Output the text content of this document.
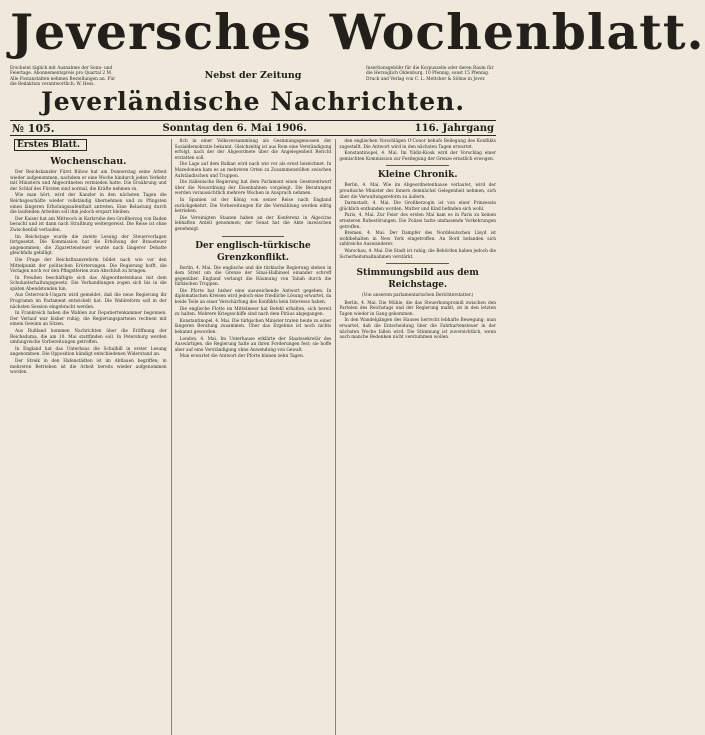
Jeversches Wochenblatt.
Erscheint täglich mit Ausnahme der Sonn- und Feiertage. Abonnementspreis pro Quartal 2 M. Alle Postanstalten nehmen Bestellungen an. Für die Redaktion verantwortlich: W. Hess.
Nebst der Zeitung
Insertionsgebühr für die Korpuszeile oder deren Raum für die Herzoglich Oldenburg. 10 Pfennig, sonst 15 Pfennig. Druck und Verlag von C. L. Mettcker & Söhne in Jever.
Jeverländische Nachrichten.
№ 105.	Sonntag den 6. Mai 1906.	116. Jahrgang
Erstes Blatt.
Wochenschau.

Der Reichskanzler Fürst Bülow hat am Donnerstag seine Arbeit wieder aufgenommen, nachdem er eine Woche hindurch jeden Verkehr mit Ministern und Abgeordneten vermieden hatte. Die Ernährung und der Schlaf des Fürsten sind normal, die Kräfte nehmen zu.

Wie man hört, wird der Kanzler in den nächsten Tagen die Reichsgeschäfte wieder vollständig übernehmen und zu Pfingsten einen längeren Erholungsaufenthalt antreten. Eine Belastung durch die laufenden Arbeiten soll ihm jedoch erspart bleiben.

Der Kaiser hat am Mittwoch in Karlsruhe den Großherzog von Baden besucht und ist dann nach Straßburg weitergereist. Die Reise ist ohne Zwischenfall verlaufen.

Im Reichstage wurde die zweite Lesung der Steuervorlagen fortgesetzt. Die Kommission hat die Erhöhung der Brausteuer angenommen; die Zigarettensteuer wurde nach längerer Debatte gleichfalls gebilligt.

Die Frage der Reichsfinanzreform bildet nach wie vor den Mittelpunkt der politischen Erörterungen. Die Regierung hofft, die Vorlagen noch vor den Pfingstferien zum Abschluß zu bringen.

In Preußen beschäftigte sich das Abgeordnetenhaus mit dem Schulunterhaltungsgesetz. Die Verhandlungen zogen sich bis in die späten Abendstunden hin.

Aus Österreich-Ungarn wird gemeldet, daß die neue Regierung ihr Programm im Parlament entwickelt hat. Die Wahlreform soll in der nächsten Session eingebracht werden.

In Frankreich haben die Wahlen zur Deputiertenkammer begonnen. Der Verlauf war bisher ruhig; die Regierungsparteien rechnen mit einem Gewinn an Sitzen.

Aus Rußland kommen Nachrichten über die Eröffnung der Reichsduma, die am 10. Mai stattfinden soll. In Petersburg werden umfangreiche Vorbereitungen getroffen.

In England hat das Unterhaus die Schulbill in erster Lesung angenommen. Die Opposition kündigt entschiedenen Widerstand an.

Der Streik in den Hafenstädten ist im Abflauen begriffen; in mehreren Betrieben ist die Arbeit bereits wieder aufgenommen worden.

fich in einer Volksversammlung als Gesinnungsgenossen der Sozialdemokratie bekannt. Gleichzeitig ist aus Rom eine Verständigung erfolgt, nach der der Abgeordnete über die Angelegenheit Bericht erstatten soll.

Die Lage auf dem Balkan wird nach wie vor als ernst bezeichnet. In Mazedonien kam es an mehreren Orten zu Zusammenstößen zwischen Aufständischen und Truppen.

Die italienische Regierung hat dem Parlament einen Gesetzentwurf über die Neuordnung der Eisenbahnen vorgelegt. Die Beratungen werden voraussichtlich mehrere Wochen in Anspruch nehmen.

In Spanien ist der König von seiner Reise nach England zurückgekehrt. Die Vorbereitungen für die Vermählung werden eifrig betrieben.

Die Vereinigten Staaten haben an der Konferenz in Algeciras lebhaften Anteil genommen; der Senat hat die Akte inzwischen genehmigt.

Der englisch-türkische Grenzkonflikt.

Berlin, 4. Mai. Die englische und die türkische Regierung stehen in dem Streit um die Grenze der Sinai-Halbinsel einander schroff gegenüber. England verlangt die Räumung von Tabah durch die türkischen Truppen.

Die Pforte hat bisher eine ausweichende Antwort gegeben. In diplomatischen Kreisen wird jedoch eine friedliche Lösung erwartet, da beide Teile an einer Verschärfung des Konflikts kein Interesse haben.

Die englische Flotte im Mittelmeer hat Befehl erhalten, sich bereit zu halten. Mehrere Kriegsschiffe sind nach dem Piräus abgegangen.

Konstantinopel, 4. Mai. Die türkischen Minister traten heute zu einer längeren Beratung zusammen. Über das Ergebnis ist noch nichts bekannt geworden.

London, 4. Mai. Im Unterhause erklärte der Staatssekretär des Auswärtigen, die Regierung halte an ihren Forderungen fest; sie hoffe aber auf eine Verständigung ohne Anwendung von Gewalt.

Man erwartet die Antwort der Pforte binnen zehn Tagen.

den englischen Vorschlägen O'Conor behufs Beilegung des Konflikts zugestellt. Die Antwort wird in den nächsten Tagen erwartet.

Konstantinopel, 4. Mai. Im Yildiz-Kiosk wird der Vorschlag einer gemischten Kommission zur Festlegung der Grenze ernstlich erwogen.

Kleine Chronik.

Berlin, 4. Mai. Wie im Abgeordnetenhause verlautet, wird der preußische Minister des Innern demnächst Gelegenheit nehmen, sich über die Verwaltungsreform zu äußern.

Darmstadt, 4. Mai. Die Großherzogin ist von einer Prinzessin glücklich entbunden worden. Mutter und Kind befinden sich wohl.

Paris, 4. Mai. Zur Feier des ersten Mai kam es in Paris zu keinen ernsteren Ruhestörungen. Die Polizei hatte umfassende Vorkehrungen getroffen.

Bremen, 4. Mai. Der Dampfer des Norddeutschen Lloyd ist wohlbehalten in New York eingetroffen. An Bord befanden sich zahlreiche Auswanderer.

Warschau, 4. Mai. Die Stadt ist ruhig; die Behörden haben jedoch die Sicherheitsmaßnahmen verstärkt.

Stimmungsbild aus dem Reichstage.
(Von unserem parlamentarischen Berichterstatter.)

Berlin, 4. Mai. Die Mühle, die das Steuerkompromiß zwischen den Parteien des Reichstags und der Regierung mahlt, ist in den letzten Tagen wieder in Gang gekommen.

In den Wandelgängen des Hauses herrscht lebhafte Bewegung; man erwartet, daß die Entscheidung über die Fahrkartensteuer in der nächsten Woche fallen wird. Die Stimmung ist zuversichtlich, wenn auch manche Bedenken nicht verstummen wollen.
